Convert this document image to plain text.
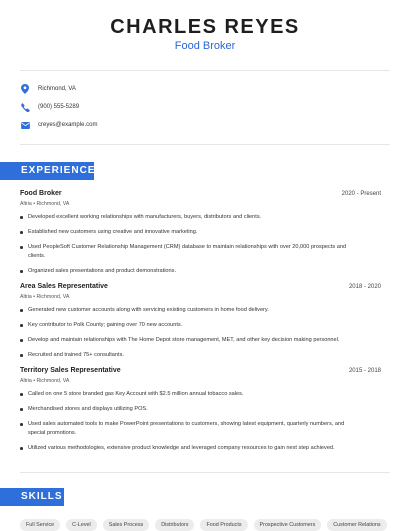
CHARLES REYES
Food Broker
Richmond, VA
(900) 555-5289
creyes@example.com
EXPERIENCE
Food Broker	2020 - Present
Altria • Richmond, VA
Developed excellent working relationships with manufacturers, buyers, distributors and clients.
Established new customers using creative and innovative marketing.
Used PeopleSoft Customer Relationship Management (CRM) database to maintain relationships with over 20,000 prospects and clients.
Organized sales presentations and product demonstrations.
Area Sales Representative	2018 - 2020
Altria • Richmond, VA
Generated new customer accounts along with servicing existing customers in home food delivery.
Key contributor to Polk County; gaining over 70 new accounts.
Develop and maintain relationships with The Home Depot store management, MET, and other key decision making personnel.
Recruited and trained 75+ consultants.
Territory Sales Representative	2015 - 2018
Altria • Richmond, VA
Called on one 5 store branded gas Key Account with $2.5 million annual tobacco sales.
Merchandised stores and displays utilizing POS.
Used sales automated tools to make PowerPoint presentations to customers, showing latest equipment, quarterly numbers, and special promotions.
Utilized various methodologies, extensive product knowledge and leveraged company resources to gain next step achieved.
SKILLS
Full Service	C-Level	Sales Process	Distributors	Food Products	Prospective Customers	Customer Relations
